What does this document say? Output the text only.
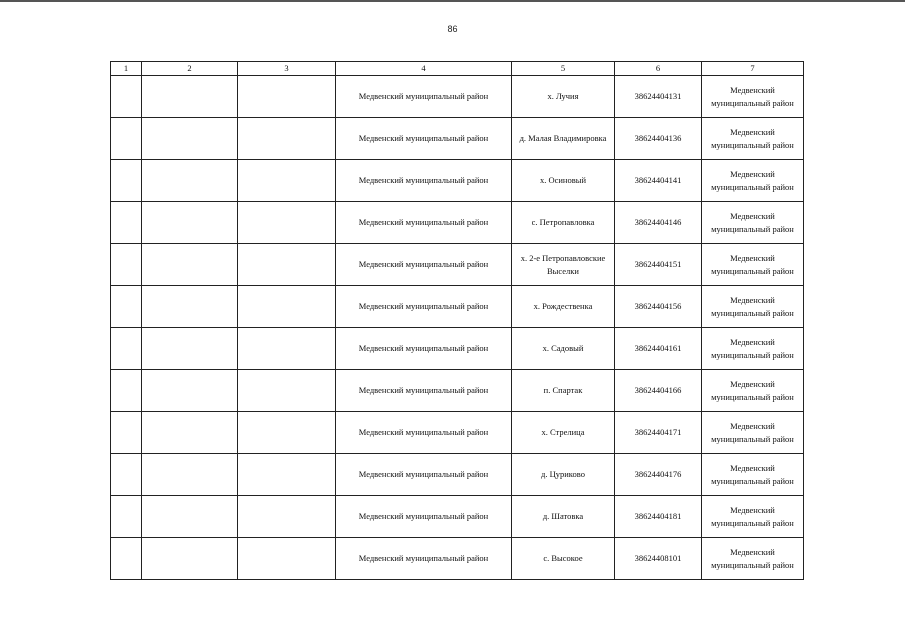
86
1	2	3	4	5	6	7
			Медвенский муниципальный район	х. Лучия	38624404131	Медвенский муниципальный район
			Медвенский муниципальный район	д. Малая Владимировка	38624404136	Медвенский муниципальный район
			Медвенский муниципальный район	х. Осиновый	38624404141	Медвенский муниципальный район
			Медвенский муниципальный район	с. Петропавловка	38624404146	Медвенский муниципальный район
			Медвенский муниципальный район	х. 2-е Петропавловские Выселки	38624404151	Медвенский муниципальный район
			Медвенский муниципальный район	х. Рождественка	38624404156	Медвенский муниципальный район
			Медвенский муниципальный район	х. Садовый	38624404161	Медвенский муниципальный район
			Медвенский муниципальный район	п. Спартак	38624404166	Медвенский муниципальный район
			Медвенский муниципальный район	х. Стрелица	38624404171	Медвенский муниципальный район
			Медвенский муниципальный район	д. Цуриково	38624404176	Медвенский муниципальный район
			Медвенский муниципальный район	д. Шатовка	38624404181	Медвенский муниципальный район
			Медвенский муниципальный район	с. Высокое	38624408101	Медвенский муниципальный район
